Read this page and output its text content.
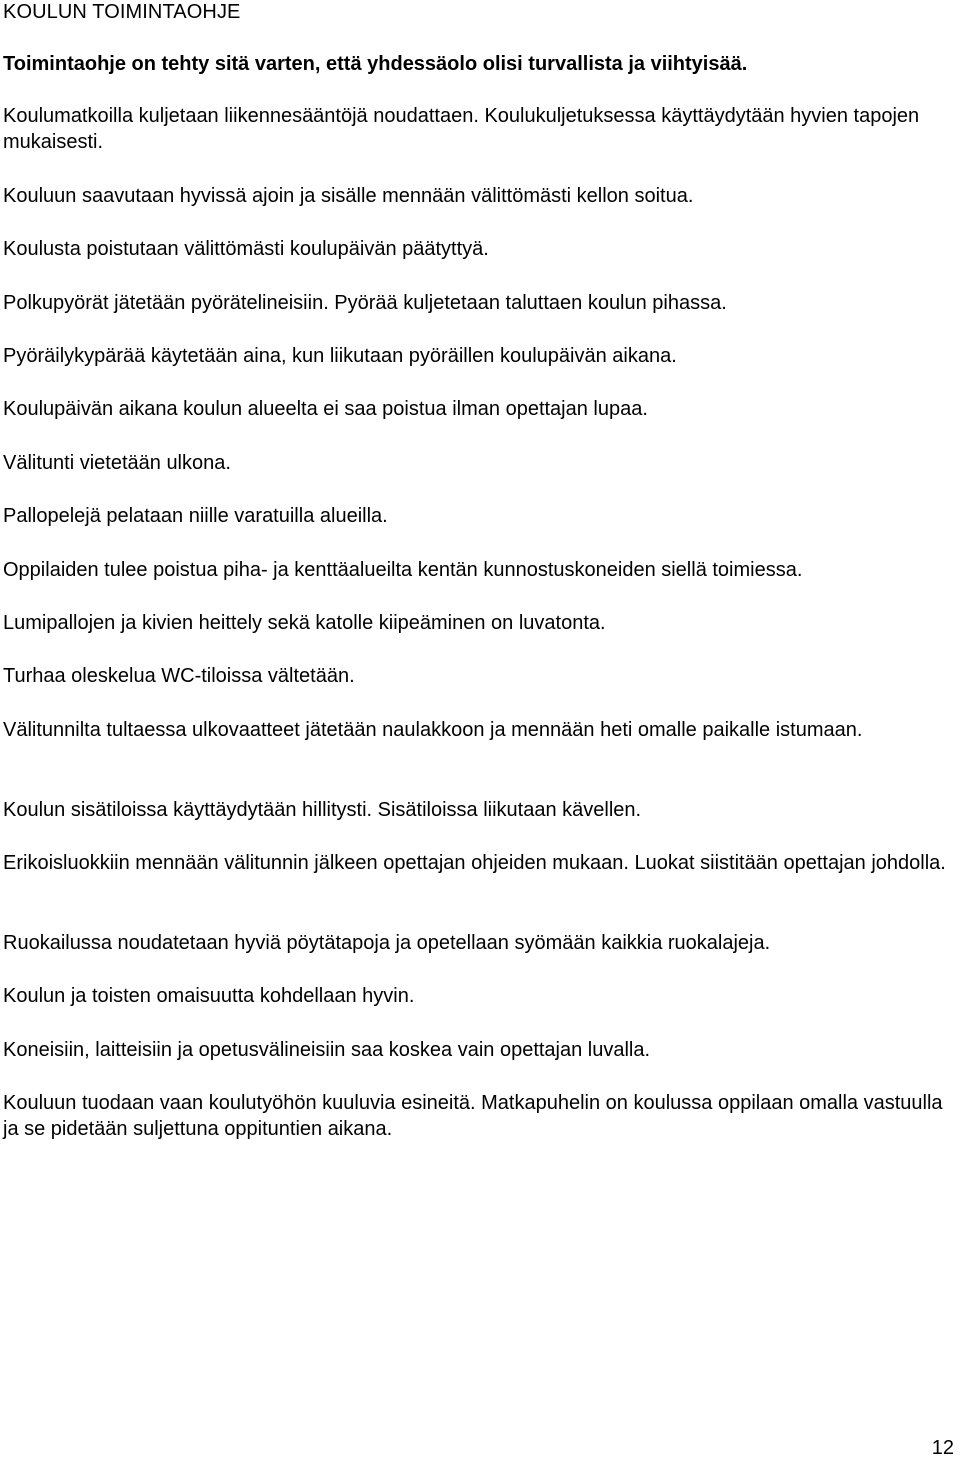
KOULUN TOIMINTAOHJE

Toimintaohje on tehty sitä varten, että yhdessäolo olisi turvallista ja viihtyisää.

Koulumatkoilla kuljetaan liikennesääntöjä noudattaen. Koulukuljetuksessa käyttäydytään hyvien tapojen mukaisesti.

Kouluun saavutaan hyvissä ajoin ja sisälle mennään välittömästi kellon soitua.

Koulusta poistutaan välittömästi koulupäivän päätyttyä.

Polkupyörät jätetään pyörätelineisiin. Pyörää kuljetetaan taluttaen koulun pihassa.

Pyöräilykypärää käytetään aina, kun liikutaan pyöräillen koulupäivän aikana.

Koulupäivän aikana koulun alueelta ei saa poistua ilman opettajan lupaa.

Välitunti vietetään ulkona.

Pallopelejä pelataan niille varatuilla alueilla.

Oppilaiden tulee poistua piha- ja kenttäalueilta kentän kunnostuskoneiden siellä toimiessa.

Lumipallojen ja kivien heittely sekä katolle kiipeäminen on luvatonta.

Turhaa oleskelua WC-tiloissa vältetään.

Välitunnilta tultaessa ulkovaatteet jätetään naulakkoon ja mennään heti omalle paikalle istumaan.

Koulun sisätiloissa käyttäydytään hillitysti. Sisätiloissa liikutaan kävellen.

Erikoisluokkiin mennään välitunnin jälkeen opettajan ohjeiden mukaan. Luokat siistitään opettajan johdolla.

Ruokailussa noudatetaan hyviä pöytätapoja ja opetellaan syömään kaikkia ruokalajeja.

Koulun ja toisten omaisuutta kohdellaan hyvin.

Koneisiin, laitteisiin ja opetusvälineisiin saa koskea vain opettajan luvalla.

Kouluun tuodaan vaan koulutyöhön kuuluvia esineitä. Matkapuhelin on koulussa oppilaan omalla vastuulla ja se pidetään suljettuna oppituntien aikana.

12
